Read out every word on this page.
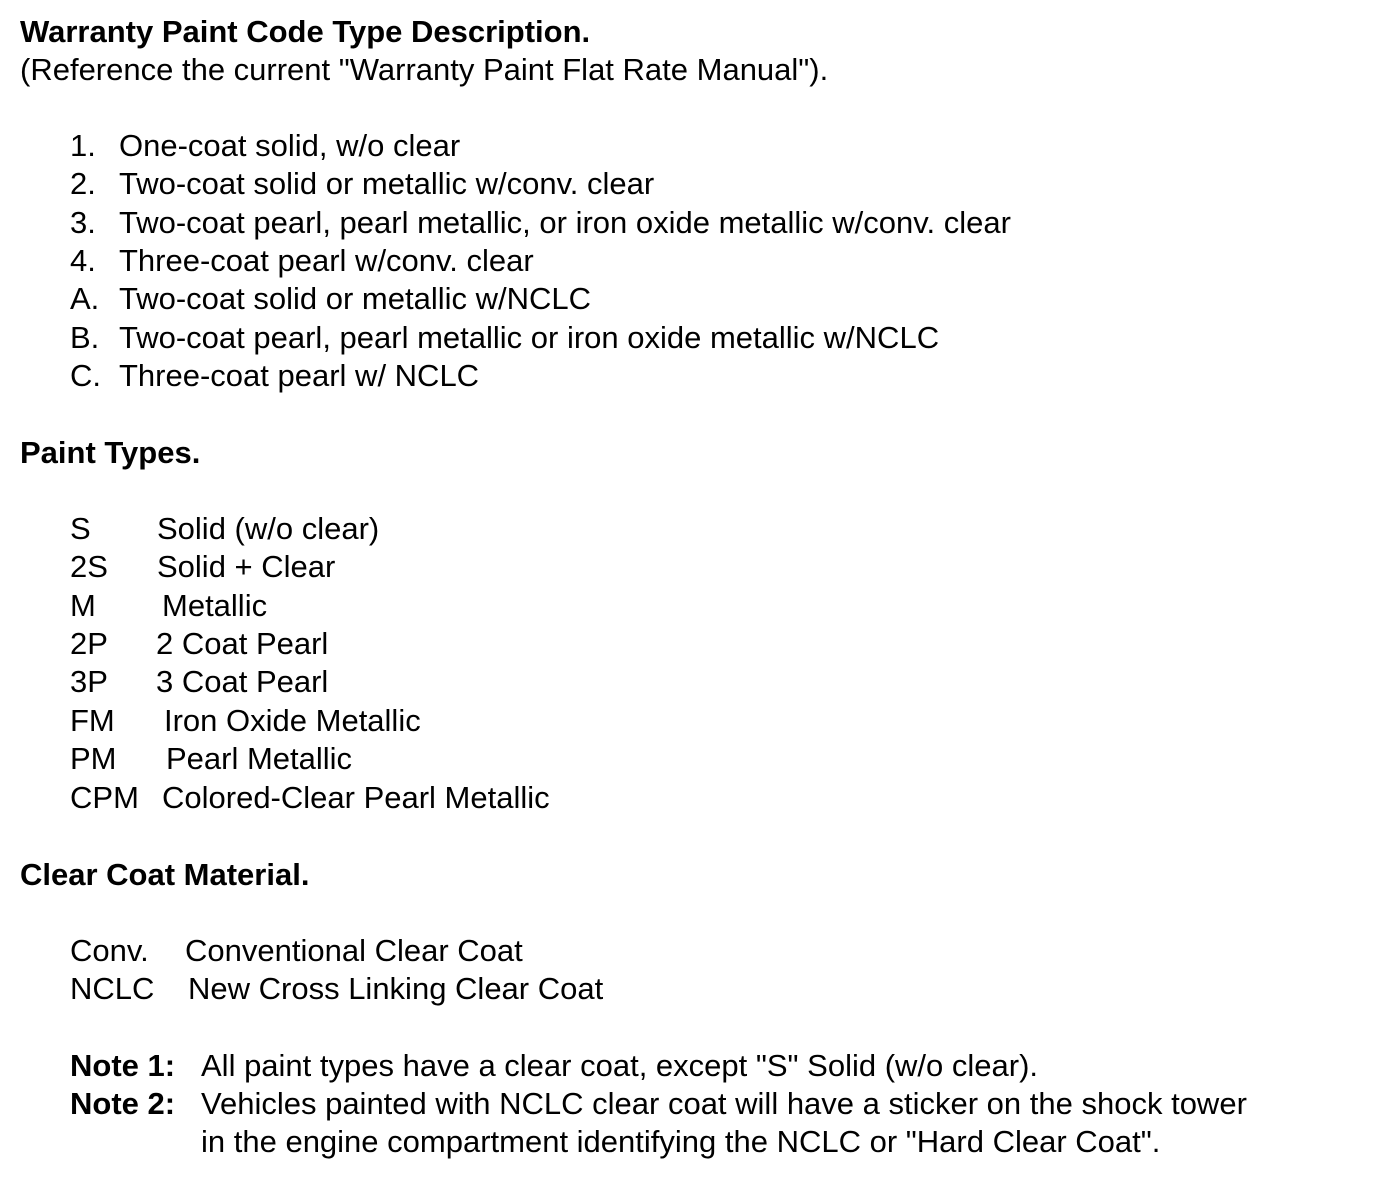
Warranty Paint Code Type Description.
(Reference the current "Warranty Paint Flat Rate Manual").
1. One-coat solid, w/o clear
2. Two-coat solid or metallic w/conv. clear
3. Two-coat pearl, pearl metallic, or iron oxide metallic w/conv. clear
4. Three-coat pearl w/conv. clear
A. Two-coat solid or metallic w/NCLC
B. Two-coat pearl, pearl metallic or iron oxide metallic w/NCLC
C. Three-coat pearl w/ NCLC
Paint Types.
S Solid (w/o clear)
2S Solid + Clear
M Metallic
2P 2 Coat Pearl
3P 3 Coat Pearl
FM Iron Oxide Metallic
PM Pearl Metallic
CPM Colored-Clear Pearl Metallic
Clear Coat Material.
Conv. Conventional Clear Coat
NCLC New Cross Linking Clear Coat
Note 1: All paint types have a clear coat, except "S" Solid (w/o clear).
Note 2: Vehicles painted with NCLC clear coat will have a sticker on the shock tower
in the engine compartment identifying the NCLC or "Hard Clear Coat".
